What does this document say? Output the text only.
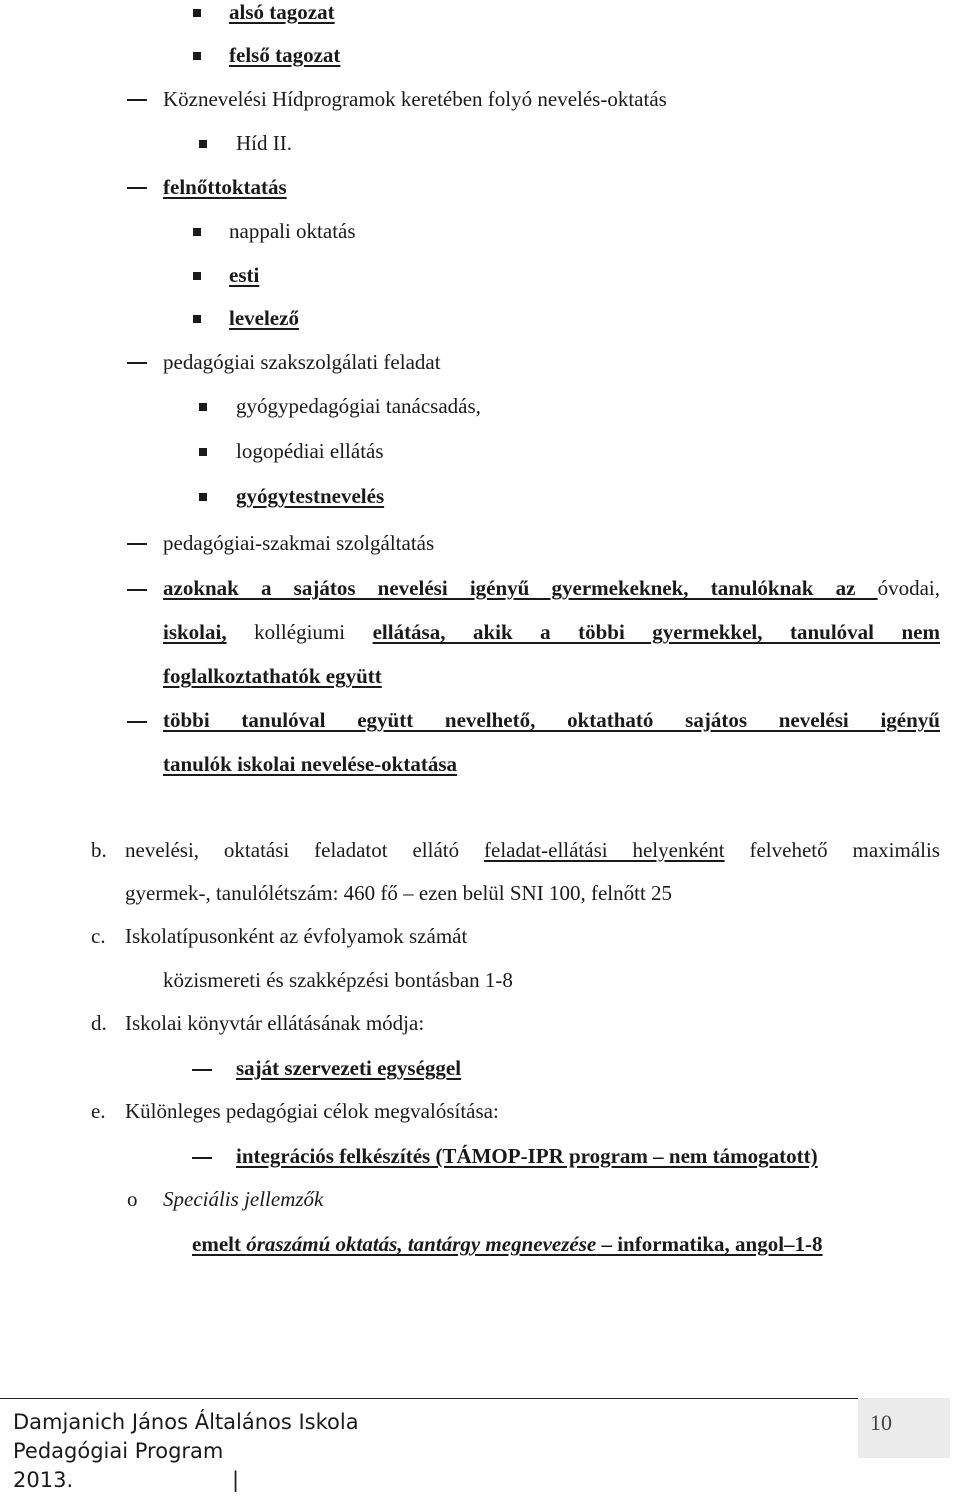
alsó tagozat
felső tagozat
Köznevelési Hídprogramok keretében folyó nevelés-oktatás
Híd II.
felnőttoktatás
nappali oktatás
esti
levelező
pedagógiai szakszolgálati feladat
gyógypedagógiai tanácsadás,
logopédiai ellátás
gyógytestnevelés
pedagógiai-szakmai szolgáltatás
azoknak a sajátos nevelési igényű gyermekeknek, tanulóknak az óvodai,
iskolai, kollégiumi ellátása, akik a többi gyermekkel, tanulóval nem
foglalkoztathatók együtt
többi tanulóval együtt nevelhető, oktatható sajátos nevelési igényű
tanulók iskolai nevelése-oktatása
b. nevelési, oktatási feladatot ellátó feladat-ellátási helyenként felvehető maximális
gyermek-, tanulólétszám: 460 fő – ezen belül SNI 100, felnőtt 25
c. Iskolatípusonként az évfolyamok számát
közismereti és szakképzési bontásban 1-8
d. Iskolai könyvtár ellátásának módja:
saját szervezeti egységgel
e. Különleges pedagógiai célok megvalósítása:
integrációs felkészítés (TÁMOP-IPR program – nem támogatott)
o Speciális jellemzők
emelt óraszámú oktatás, tantárgy megnevezése – informatika, angol–1-8
10
Damjanich János Általános Iskola
Pedagógiai Program
2013.	|
